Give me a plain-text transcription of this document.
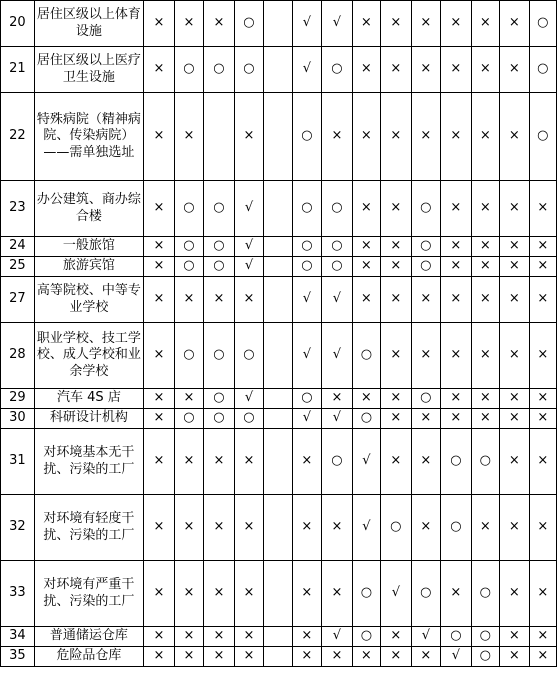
20	居住区级以上体育设施	×	×	×	○		√	√	×	×	×	×	×	×	○
21	居住区级以上医疗卫生设施	×	○	○	○		√	○	×	×	×	×	×	×	○
22	特殊病院（精神病院、传染病院）——需单独选址	×	×		×		○	×	×	×	×	×	×	×	○
23	办公建筑、商办综合楼	×	○	○	√		○	○	×	×	○	×	×	×	×
24	一般旅馆	×	○	○	√		○	○	×	×	○	×	×	×	×
25	旅游宾馆	×	○	○	√		○	○	×	×	○	×	×	×	×
27	高等院校、中等专业学校	×	×	×	×		√	√	×	×	×	×	×	×	×
28	职业学校、技工学校、成人学校和业余学校	×	○	○	○		√	√	○	×	×	×	×	×	×
29	汽车 4S 店	×	×	○	√		○	×	×	×	○	×	×	×	×
30	科研设计机构	×	○	○	○		√	√	○	×	×	×	×	×	×
31	对环境基本无干扰、污染的工厂	×	×	×	×		×	○	√	×	×	○	○	×	×
32	对环境有轻度干扰、污染的工厂	×	×	×	×		×	×	√	○	×	○	×	×	×
33	对环境有严重干扰、污染的工厂	×	×	×	×		×	×	○	√	○	×	○	×	×
34	普通储运仓库	×	×	×	×		×	√	○	×	√	○	○	×	×
35	危险品仓库	×	×	×	×		×	×	×	×	×	√	○	×	×
